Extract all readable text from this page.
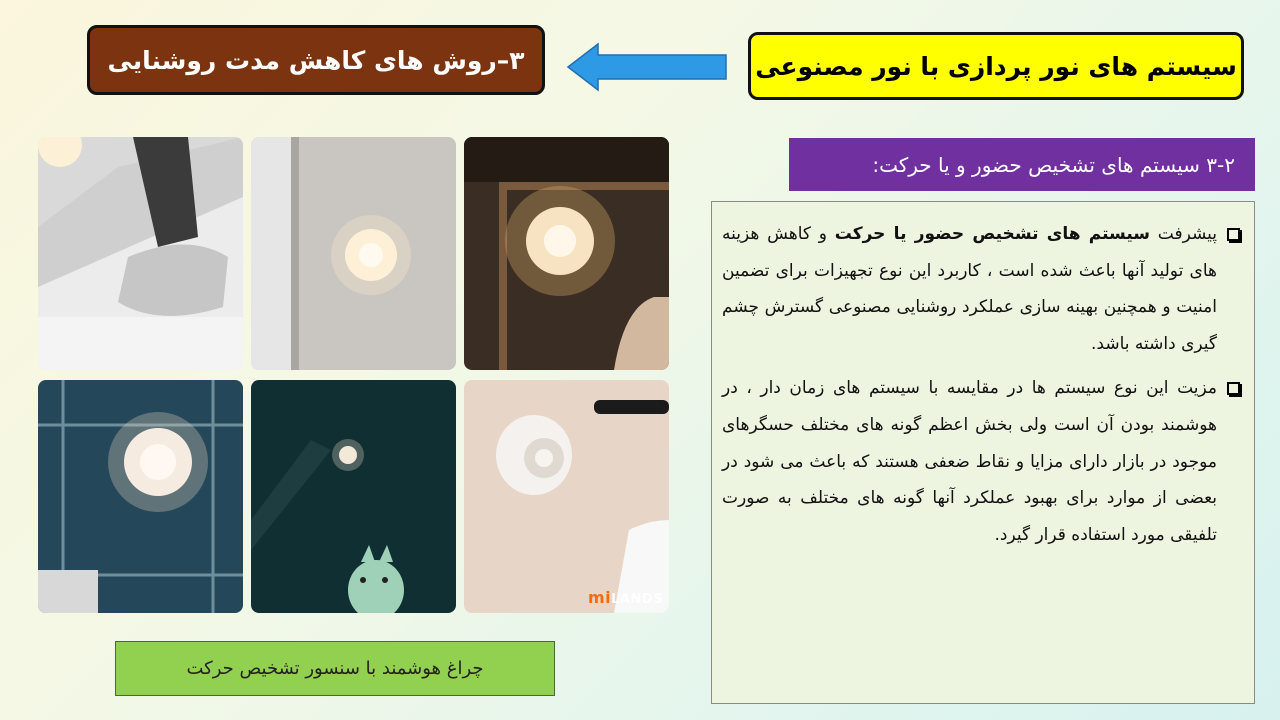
سیستم های نور پردازی با نور مصنوعی
۳–روش های کاهش مدت روشنایی
۳-۲ سیستم های تشخیص حضور و یا حرکت:
پیشرفت سیستم های تشخیص حضور یا حرکت و کاهش هزینه های تولید آنها باعث شده است ، کاربرد این نوع تجهیزات برای تضمین امنیت و همچنین بهینه سازی عملکرد روشنایی مصنوعی گسترش چشم گیری داشته باشد.
مزیت این نوع سیستم ها در مقایسه با سیستم های زمان دار ، در هوشمند بودن آن است ولی بخش اعظم گونه های مختلف حسگرهای موجود در بازار دارای مزایا و نقاط ضعفی هستند که باعث می شود در بعضی از موارد برای بهبود عملکرد آنها گونه های مختلف به صورت تلفیقی مورد استفاده قرار گیرد.
miLANDS
چراغ هوشمند با سنسور تشخیص حرکت
